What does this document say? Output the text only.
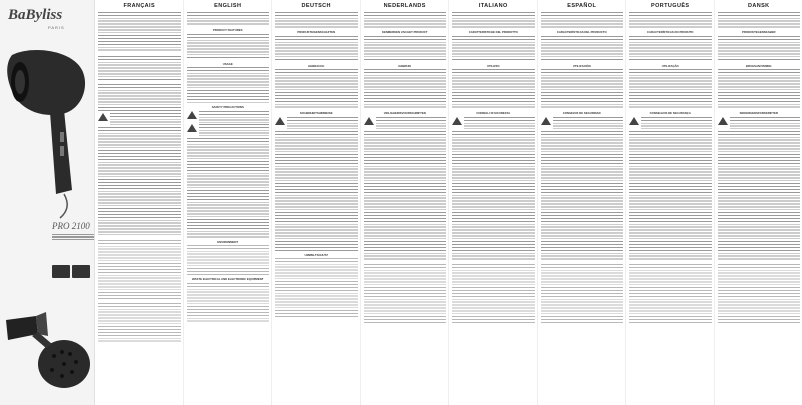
BaByliss
PARIS
PRO 2100
FRANÇAIS	ENGLISH
PRODUCT FEATURES
USAGE
SAFETY PRECAUTIONS
ENVIRONMENT
WASTE ELECTRICAL AND ELECTRONIC EQUIPMENT
DEUTSCH
PRODUKTEIGENSCHAFTEN
GEBRAUCH
SICHERHEITSHINWEISE
UMWELTSCHUTZ
NEDERLANDS
KENMERKEN VAN HET PRODUCT
GEBRUIK
VEILIGHEIDSVOORSCHRIFTEN
ITALIANO
CARATTERISTICHE DEL PRODOTTO
UTILIZZO
CONSIGLI DI SICUREZZA
ESPAÑOL
CARACTERÍSTICAS DEL PRODUCTO
UTILIZACIÓN
CONSEJOS DE SEGURIDAD
PORTUGUÊS
CARACTERÍSTICAS DO PRODUTO
UTILIZAÇÃO
CONSELHOS DE SEGURANÇA
DANSK
PRODUKTEGENSKABER
BRUGSANVISNING
SIKKERHEDSFORSKRIFTER
